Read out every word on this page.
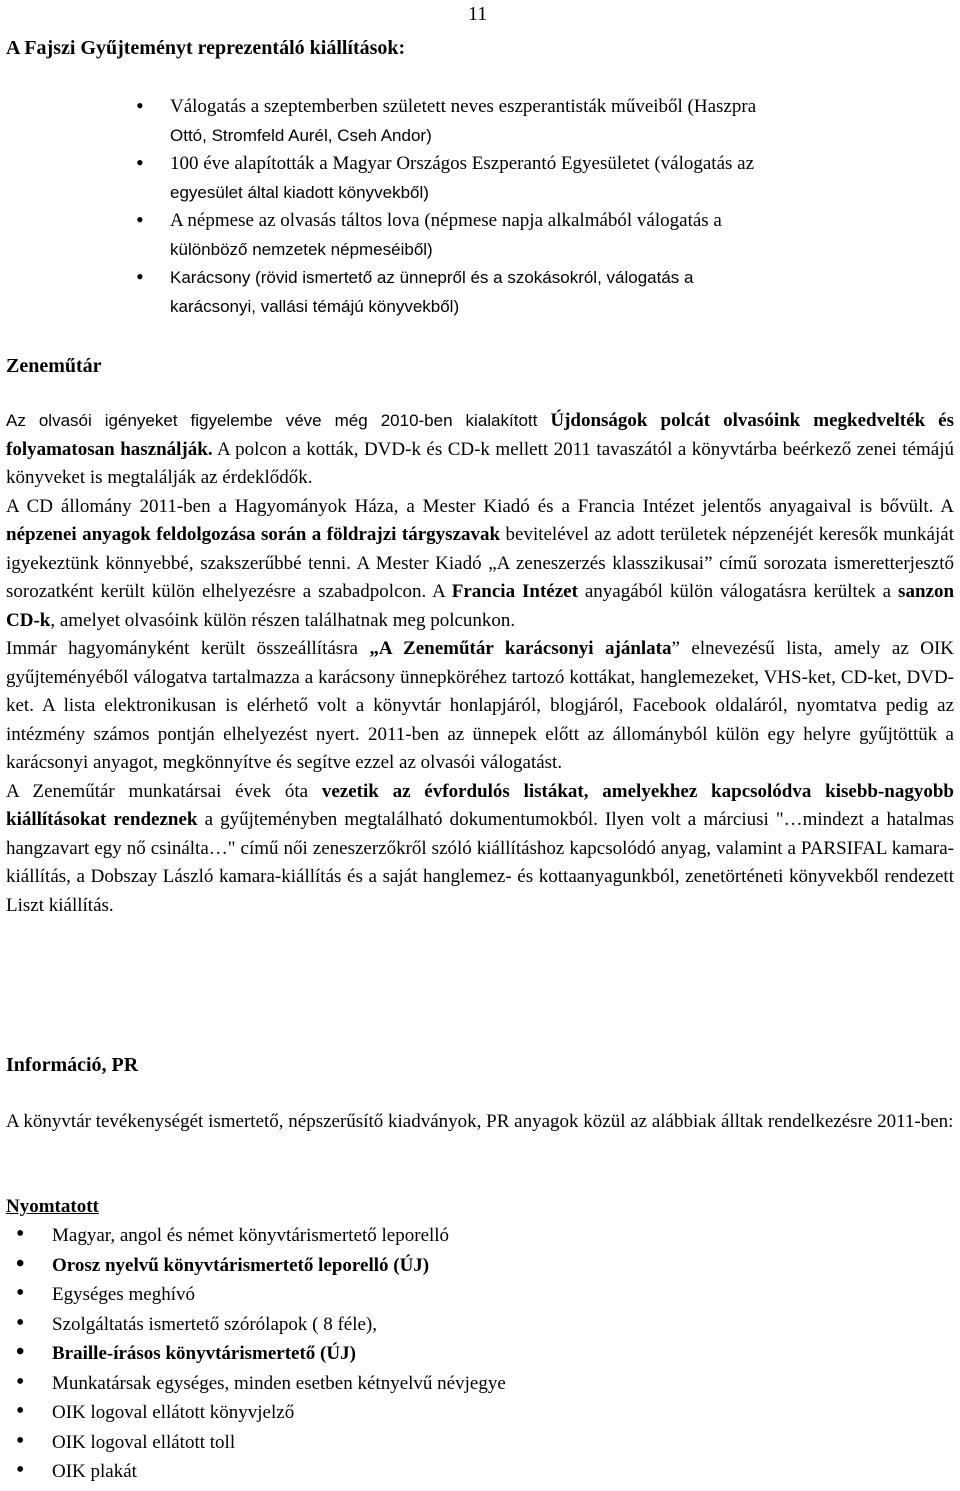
11
A Fajszi Gyűjteményt reprezentáló kiállítások:
• Válogatás a szeptemberben született neves eszperantisták műveiből (Haszpra
Ottó, Stromfeld Aurél, Cseh Andor)
• 100 éve alapították a Magyar Országos Eszperantó Egyesületet (válogatás az
egyesület által kiadott könyvekből)
• A népmese az olvasás táltos lova (népmese napja alkalmából válogatás a
különböző nemzetek népmeséiből)
• Karácsony (rövid ismertető az ünnepről és a szokásokról, válogatás a
karácsonyi, vallási témájú könyvekből)
Zeneműtár

Az olvasói igényeket figyelembe véve még 2010-ben kialakított Újdonságok polcát olvasóink megkedvelték és folyamatosan használják. A polcon a kották, DVD-k és CD-k mellett 2011 tavaszától a könyvtárba beérkező zenei témájú könyveket is megtalálják az érdeklődők.

A CD állomány 2011-ben a Hagyományok Háza, a Mester Kiadó és a Francia Intézet jelentős anyagaival is bővült. A népzenei anyagok feldolgozása során a földrajzi tárgyszavak bevitelével az adott területek népzenéjét keresők munkáját igyekeztünk könnyebbé, szakszerűbbé tenni. A Mester Kiadó „A zeneszerzés klasszikusai” című sorozata ismeretterjesztő sorozatként került külön elhelyezésre a szabadpolcon. A Francia Intézet anyagából külön válogatásra kerültek a sanzon CD-k, amelyet olvasóink külön részen találhatnak meg polcunkon.

Immár hagyományként került összeállításra „A Zeneműtár karácsonyi ajánlata” elnevezésű lista, amely az OIK gyűjteményéből válogatva tartalmazza a karácsony ünnepköréhez tartozó kottákat, hanglemezeket, VHS-ket, CD-ket, DVD-ket. A lista elektronikusan is elérhető volt a könyvtár honlapjáról, blogjáról, Facebook oldaláról, nyomtatva pedig az intézmény számos pontján elhelyezést nyert. 2011-ben az ünnepek előtt az állományból külön egy helyre gyűjtöttük a karácsonyi anyagot, megkönnyítve és segítve ezzel az olvasói válogatást.

A Zeneműtár munkatársai évek óta vezetik az évfordulós listákat, amelyekhez kapcsolódva kisebb-nagyobb kiállításokat rendeznek a gyűjteményben megtalálható dokumentumokból. Ilyen volt a márciusi "…mindezt a hatalmas hangzavart egy nő csinálta…" című női zeneszerzőkről szóló kiállításhoz kapcsolódó anyag, valamint a PARSIFAL kamara-kiállítás, a Dobszay László kamara-kiállítás és a saját hanglemez- és kottaanyagunkból, zenetörténeti könyvekből rendezett Liszt kiállítás.

Információ, PR

A könyvtár tevékenységét ismertető, népszerűsítő kiadványok, PR anyagok közül az alábbiak álltak rendelkezésre 2011-ben:

Nyomtatott
• Magyar, angol és német könyvtárismertető leporelló
• Orosz nyelvű könyvtárismertető leporelló (ÚJ)
• Egységes meghívó
• Szolgáltatás ismertető szórólapok ( 8 féle),
• Braille-írásos könyvtárismertető (ÚJ)
• Munkatársak egységes, minden esetben kétnyelvű névjegye
• OIK logoval ellátott könyvjelző
• OIK logoval ellátott toll
• OIK plakát
